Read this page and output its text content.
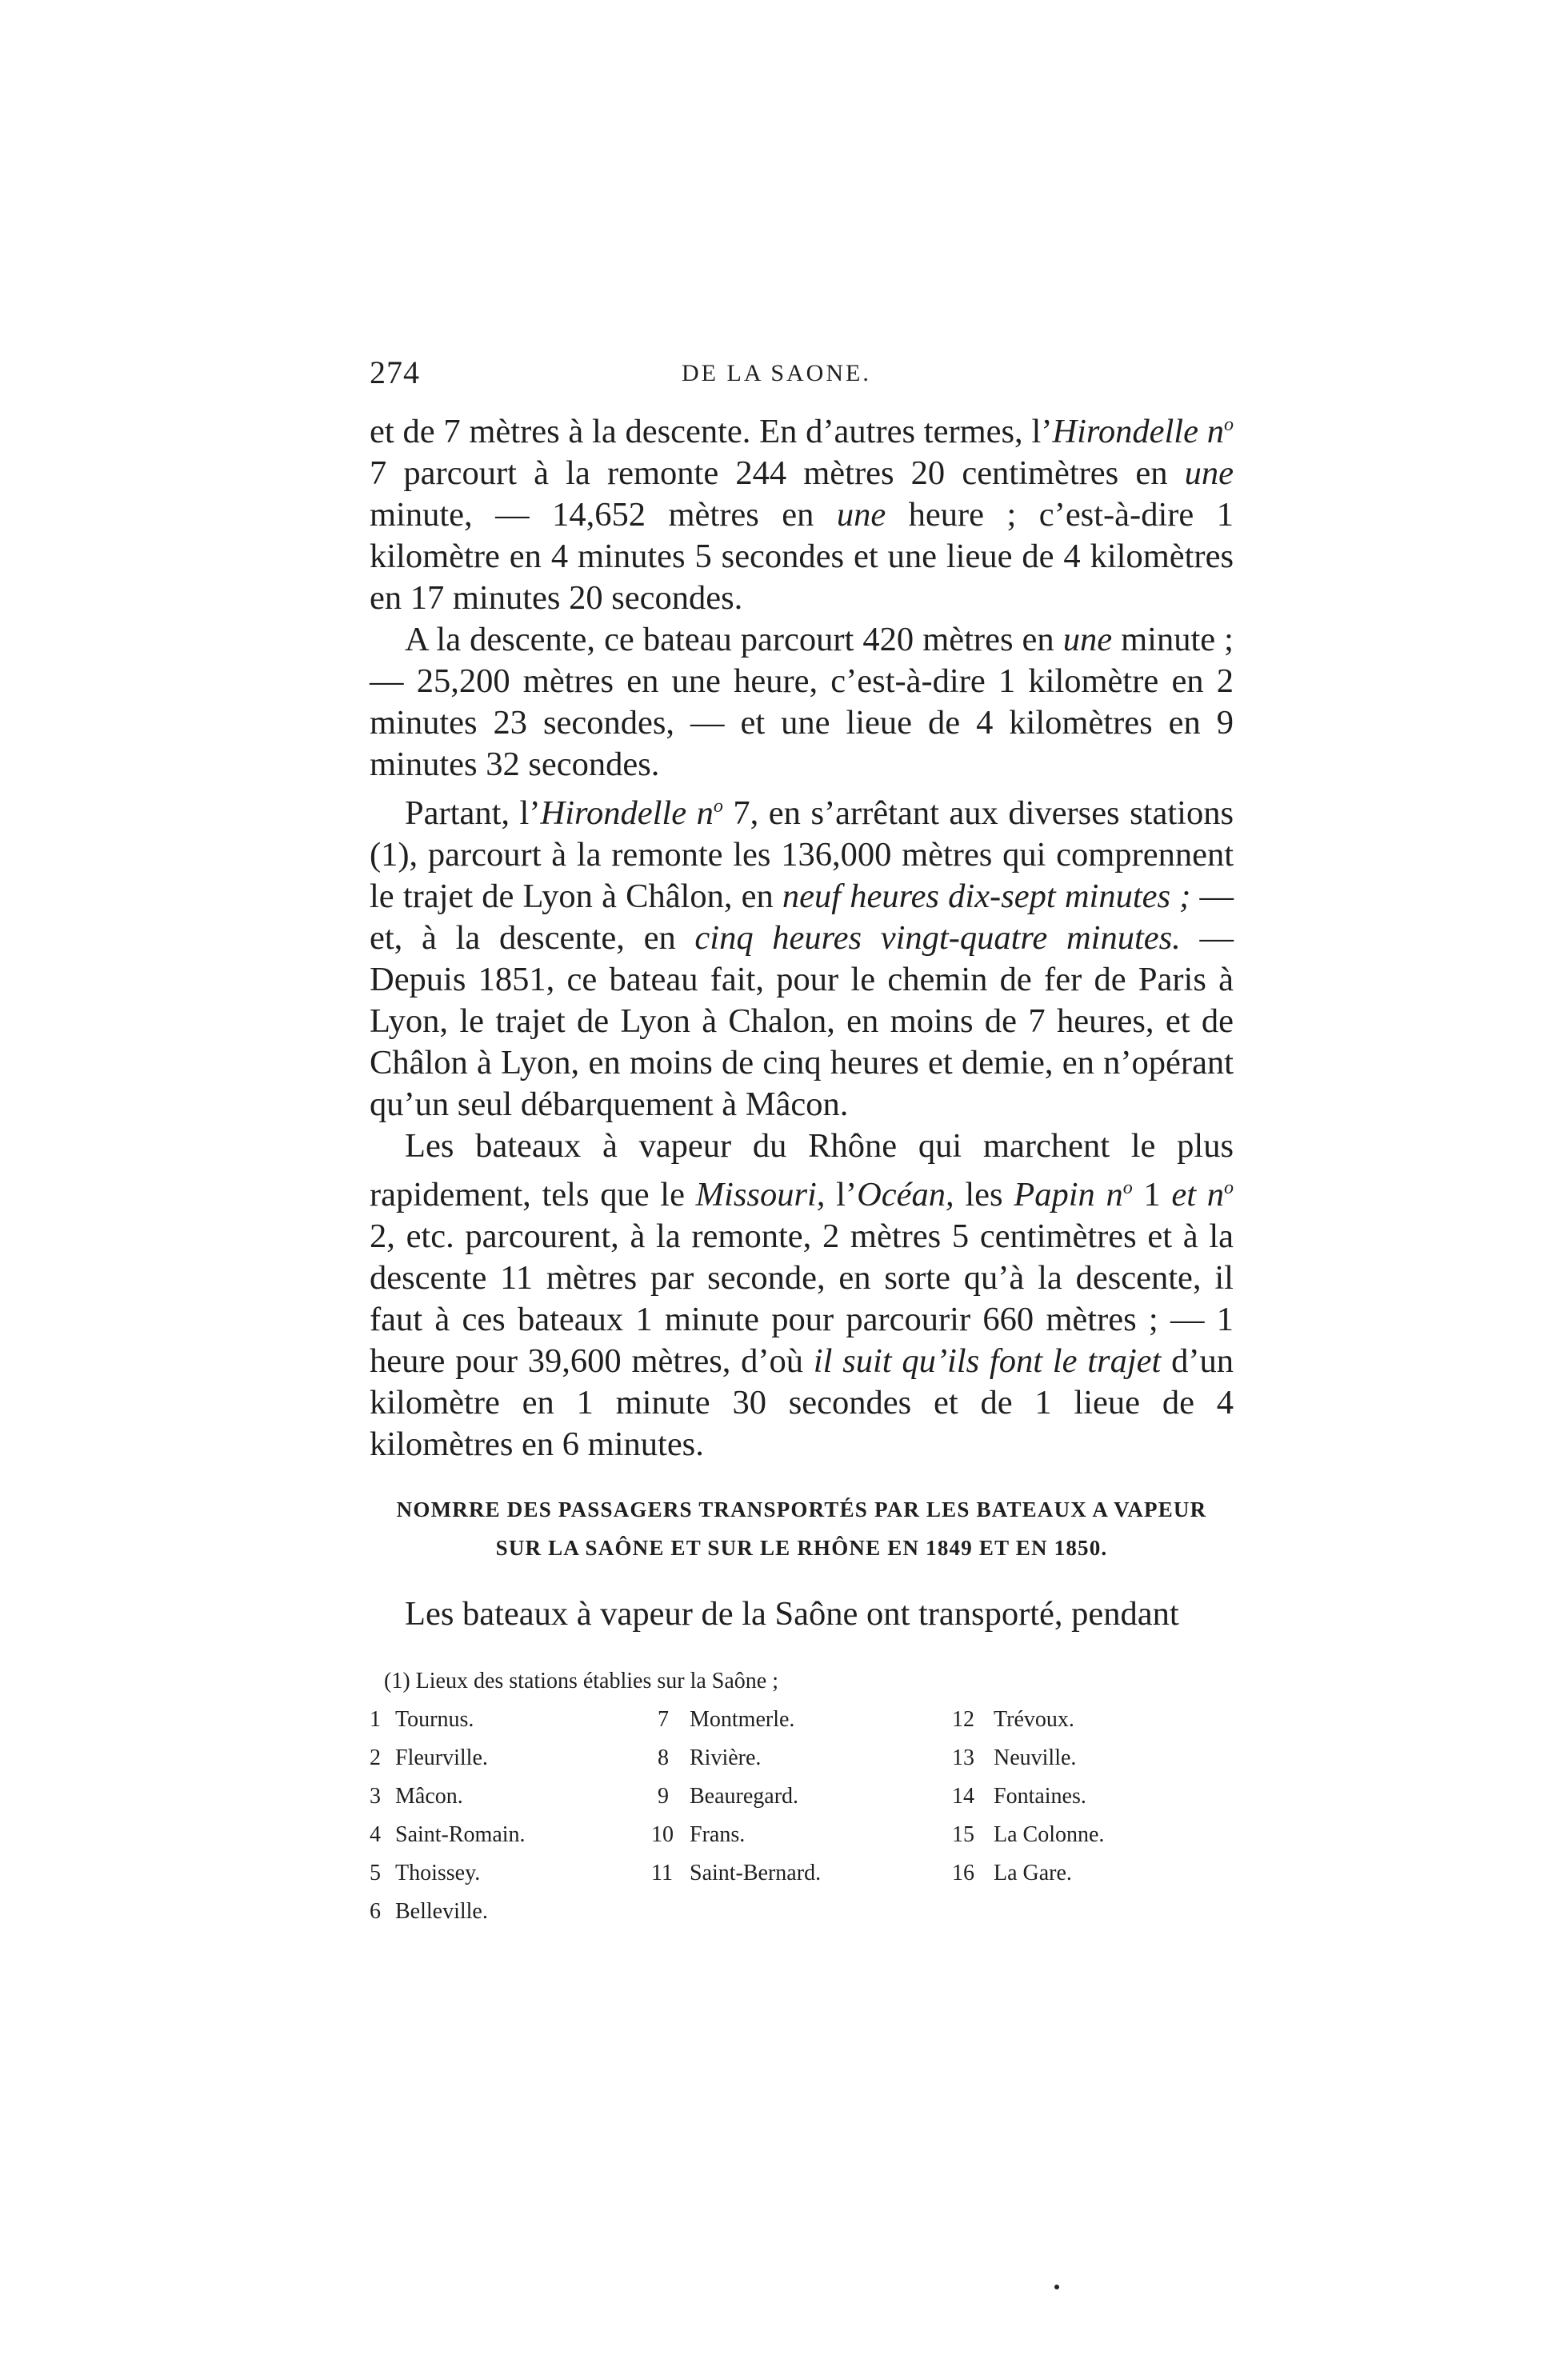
274	DE LA SAONE.

et de 7 mètres à la descente. En d’autres termes, l’Hirondelle $n^o$ 7 parcourt à la remonte 244 mètres 20 centimètres en une minute, — 14,652 mètres en une heure ; c’est-à-dire 1 kilomètre en 4 minutes 5 secondes et une lieue de 4 kilomètres en 17 minutes 20 secondes.

A la descente, ce bateau parcourt 420 mètres en une minute ; — 25,200 mètres en une heure, c’est-à-dire 1 kilomètre en 2 minutes 23 secondes, — et une lieue de 4 kilomètres en 9 minutes 32 secondes.

Partant, l’Hirondelle $n^o$ 7, en s’arrêtant aux diverses stations (1), parcourt à la remonte les 136,000 mètres qui comprennent le trajet de Lyon à Châlon, en neuf heures dix-sept minutes ; — et, à la descente, en cinq heures vingt-quatre minutes. — Depuis 1851, ce bateau fait, pour le chemin de fer de Paris à Lyon, le trajet de Lyon à Chalon, en moins de 7 heures, et de Châlon à Lyon, en moins de cinq heures et demie, en n’opérant qu’un seul débarquement à Mâcon.

Les bateaux à vapeur du Rhône qui marchent le plus rapidement, tels que le Missouri, l’Océan, les Papin $n^o$ 1 et $n^o$ 2, etc. parcourent, à la remonte, 2 mètres 5 centimètres et à la descente 11 mètres par seconde, en sorte qu’à la descente, il faut à ces bateaux 1 minute pour parcourir 660 mètres ; — 1 heure pour 39,600 mètres, d’où il suit qu’ils font le trajet d’un kilomètre en 1 minute 30 secondes et de 1 lieue de 4 kilomètres en 6 minutes.

NOMRRE DES PASSAGERS TRANSPORTÉS PAR LES BATEAUX A VAPEUR
SUR LA SAÔNE ET SUR LE RHÔNE EN 1849 ET EN 1850.
Les bateaux à vapeur de la Saône ont transporté, pendant

(1) Lieux des stations établies sur la Saône ;

1 Tournus.
2 Fleurville.
3 Mâcon.
4 Saint-Romain.
5 Thoissey.
6 Belleville.
7 Montmerle.
8 Rivière.
9 Beauregard.
10 Frans.
11 Saint-Bernard.
12 Trévoux.
13 Neuville.
14 Fontaines.
15 La Colonne.
16 La Gare.
